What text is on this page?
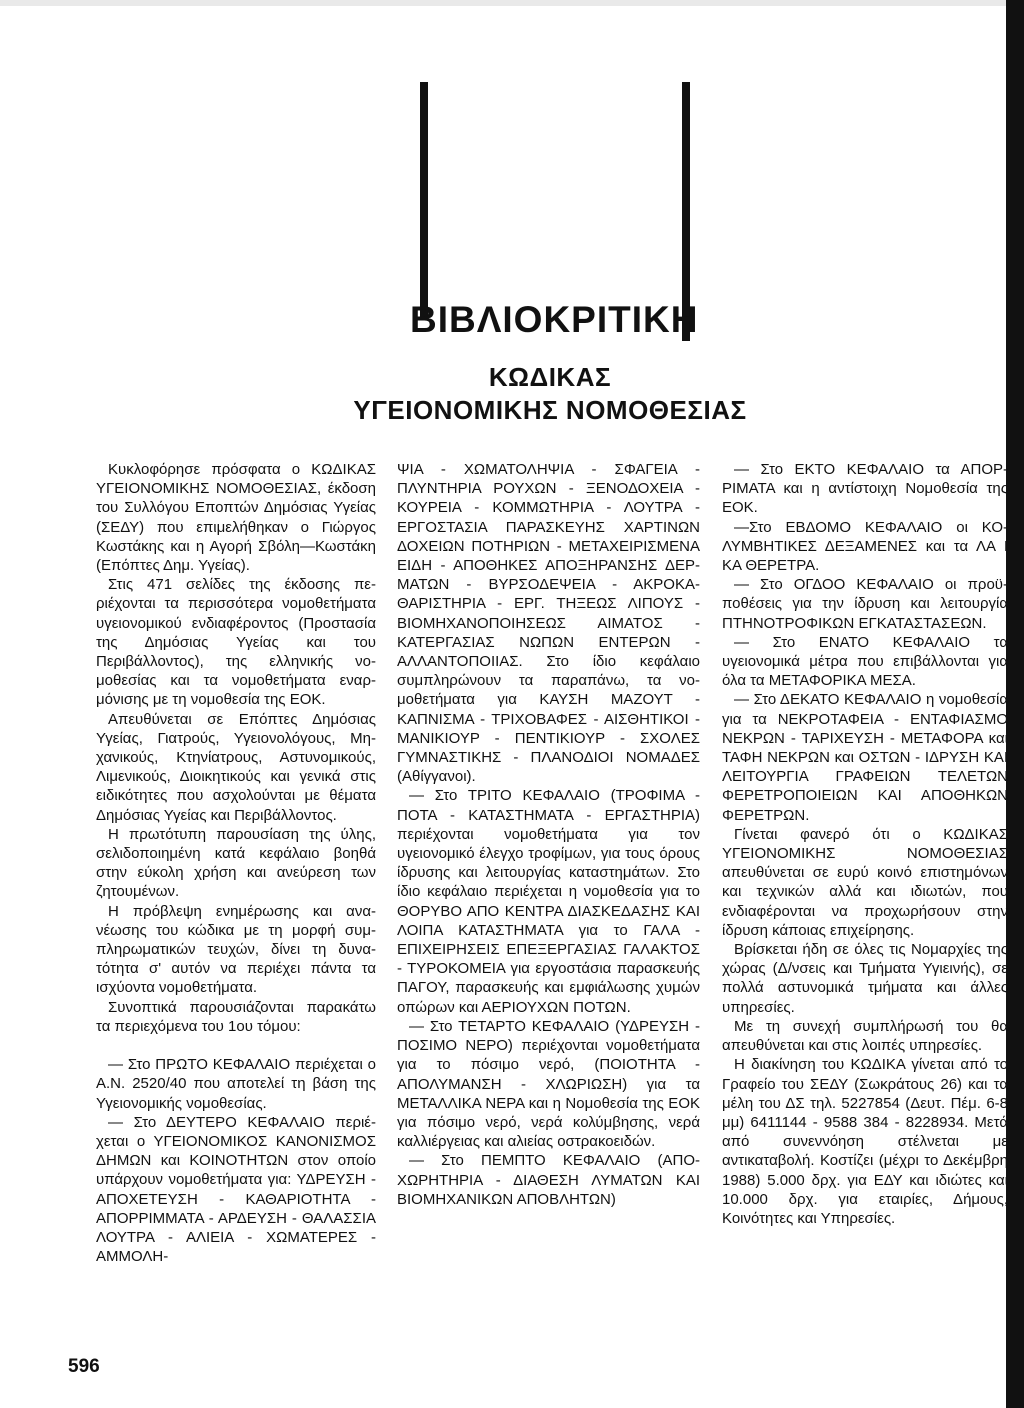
ΒΙΒΛΙΟΚΡΙΤΙΚΗ
ΚΩΔΙΚΑΣ
ΥΓΕΙΟΝΟΜΙΚΗΣ ΝΟΜΟΘΕΣΙΑΣ

Κυκλοφόρησε πρόσφατα ο ΚΩΔΙΚΑΣ ΥΓΕΙΟΝΟΜΙΚΗΣ ΝΟΜΟΘΕΣΙΑΣ, έκδοση του Συλλόγου Εποπτών Δημόσιας Υγείας (ΣΕΔΥ) που επιμελήθηκαν ο Γιώργος Κωστάκης και η Αγορή Σβόλη—Κωστάκη (Επόπτες Δημ. Υγείας).

Στις 471 σελίδες της έκδοσης περιέχονται τα περισσότερα νομοθετήματα υγειονομικού ενδιαφέροντος (Προστασία της Δημόσιας Υγείας και του Περιβάλλοντος), της ελληνικής νομοθεσίας και τα νομοθετήματα εναρμόνισης με τη νομοθεσία της ΕΟΚ.

Απευθύνεται σε Επόπτες Δημόσιας Υγείας, Γιατρούς, Υγειονολόγους, Μηχανικούς, Κτηνίατρους, Αστυνομικούς, Λιμενικούς, Διοικητικούς και γενικά στις ειδικότητες που ασχολούνται με θέματα Δημόσιας Υγείας και Περιβάλλοντος.

Η πρωτότυπη παρουσίαση της ύλης, σελιδοποιημένη κατά κεφάλαιο βοηθά στην εύκολη χρήση και ανεύρεση των ζητουμένων.

Η πρόβλεψη ενημέρωσης και ανανέωσης του κώδικα με τη μορφή συμπληρωματικών τευχών, δίνει τη δυνατότητα σ' αυτόν να περιέχει πάντα τα ισχύοντα νομοθετήματα.

Συνοπτικά παρουσιάζονται παρακάτω τα περιεχόμενα του 1ου τόμου:

— Στο ΠΡΩΤΟ ΚΕΦΑΛΑΙΟ περιέχεται ο Α.Ν. 2520/40 που αποτελεί τη βάση της Υγειονομικής νομοθεσίας.

— Στο ΔΕΥΤΕΡΟ ΚΕΦΑΛΑΙΟ περιέχεται ο ΥΓΕΙΟΝΟΜΙΚΟΣ ΚΑΝΟΝΙΣΜΟΣ ΔΗΜΩΝ και ΚΟΙΝΟΤΗΤΩΝ στον οποίο υπάρχουν νομοθετήματα για: ΥΔΡΕΥΣΗ - ΑΠΟΧΕΤΕΥΣΗ - ΚΑΘΑΡΙΟΤΗΤΑ - ΑΠΟΡΡΙΜΜΑΤΑ - ΑΡΔΕΥΣΗ - ΘΑΛΑΣΣΙΑ ΛΟΥΤΡΑ - ΑΛΙΕΙΑ - ΧΩΜΑΤΕΡΕΣ - ΑΜΜΟΛΗ-

ΨΙΑ - ΧΩΜΑΤΟΛΗΨΙΑ - ΣΦΑΓΕΙΑ - ΠΛΥΝΤΗΡΙΑ ΡΟΥΧΩΝ - ΞΕΝΟΔΟΧΕΙΑ - ΚΟΥΡΕΙΑ - ΚΟΜΜΩΤΗΡΙΑ - ΛΟΥΤΡΑ - ΕΡΓΟΣΤΑΣΙΑ ΠΑΡΑΣΚΕΥΗΣ ΧΑΡΤΙΝΩΝ ΔΟΧΕΙΩΝ ΠΟΤΗΡΙΩΝ - ΜΕΤΑΧΕΙΡΙΣΜΕΝΑ ΕΙΔΗ - ΑΠΟΘΗΚΕΣ ΑΠΟΞΗΡΑΝΣΗΣ ΔΕΡΜΑΤΩΝ - ΒΥΡΣΟΔΕΨΕΙΑ - ΑΚΡΟΚΑΘΑΡΙΣΤΗΡΙΑ - ΕΡΓ. ΤΗΞΕΩΣ ΛΙΠΟΥΣ - ΒΙΟΜΗΧΑΝΟΠΟΙΗΣΕΩΣ ΑΙΜΑΤΟΣ - ΚΑΤΕΡΓΑΣΙΑΣ ΝΩΠΩΝ ΕΝΤΕΡΩΝ - ΑΛΛΑΝΤΟΠΟΙΙΑΣ. Στο ίδιο κεφάλαιο συμπληρώνουν τα παραπάνω, τα νομοθετήματα για ΚΑΥΣΗ ΜΑΖΟΥΤ - ΚΑΠΝΙΣΜΑ - ΤΡΙΧΟΒΑΦΕΣ - ΑΙΣΘΗΤΙΚΟΙ - ΜΑΝΙΚΙΟΥΡ - ΠΕΝΤΙΚΙΟΥΡ - ΣΧΟΛΕΣ ΓΥΜΝΑΣΤΙΚΗΣ - ΠΛΑΝΟΔΙΟΙ ΝΟΜΑΔΕΣ (Αθίγγανοι).

— Στο ΤΡΙΤΟ ΚΕΦΑΛΑΙΟ (ΤΡΟΦΙΜΑ - ΠΟΤΑ - ΚΑΤΑΣΤΗΜΑΤΑ - ΕΡΓΑΣΤΗΡΙΑ) περιέχονται νομοθετήματα για τον υγειονομικό έλεγχο τροφίμων, για τους όρους ίδρυσης και λειτουργίας καταστημάτων. Στο ίδιο κεφάλαιο περιέχεται η νομοθεσία για το ΘΟΡΥΒΟ ΑΠΟ ΚΕΝΤΡΑ ΔΙΑΣΚΕΔΑΣΗΣ ΚΑΙ ΛΟΙΠΑ ΚΑΤΑΣΤΗΜΑΤΑ για το ΓΑΛΑ - ΕΠΙΧΕΙΡΗΣΕΙΣ ΕΠΕΞΕΡΓΑΣΙΑΣ ΓΑΛΑΚΤΟΣ - ΤΥΡΟΚΟΜΕΙΑ για εργοστάσια παρασκευής ΠΑΓΟΥ, παρασκευής και εμφιάλωσης χυμών οπώρων και ΑΕΡΙΟΥΧΩΝ ΠΟΤΩΝ.

— Στο ΤΕΤΑΡΤΟ ΚΕΦΑΛΑΙΟ (ΥΔΡΕΥΣΗ - ΠΟΣΙΜΟ ΝΕΡΟ) περιέχονται νομοθετήματα για το πόσιμο νερό, (ΠΟΙΟΤΗΤΑ - ΑΠΟΛΥΜΑΝΣΗ - ΧΛΩΡΙΩΣΗ) για τα ΜΕΤΑΛΛΙΚΑ ΝΕΡΑ και η Νομοθεσία της ΕΟΚ για πόσιμο νερό, νερά κολύμβησης, νερά καλλιέργειας και αλιείας οστρακοειδών.

— Στο ΠΕΜΠΤΟ ΚΕΦΑΛΑΙΟ (ΑΠΟΧΩΡΗΤΗΡΙΑ - ΔΙΑΘΕΣΗ ΛΥΜΑΤΩΝ ΚΑΙ ΒΙΟΜΗΧΑΝΙΚΩΝ ΑΠΟΒΛΗΤΩΝ)

— Στο ΕΚΤΟ ΚΕΦΑΛΑΙΟ τα ΑΠΟΡΡΙΜΑΤΑ και η αντίστοιχη Νομοθεσία της ΕΟΚ.

—Στο ΕΒΔΟΜΟ ΚΕΦΑΛΑΙΟ οι ΚΟΛΥΜΒΗΤΙΚΕΣ ΔΕΞΑΜΕΝΕΣ και τα ΛΑ Ι ΚΑ ΘΕΡΕΤΡΑ.

— Στο ΟΓΔΟΟ ΚΕΦΑΛΑΙΟ οι προϋποθέσεις για την ίδρυση και λειτουργία ΠΤΗΝΟΤΡΟΦΙΚΩΝ ΕΓΚΑΤΑΣΤΑΣΕΩΝ.

— Στο ΕΝΑΤΟ ΚΕΦΑΛΑΙΟ τα υγειονομικά μέτρα που επιβάλλονται για όλα τα ΜΕΤΑΦΟΡΙΚΑ ΜΕΣΑ.

— Στο ΔΕΚΑΤΟ ΚΕΦΑΛΑΙΟ η νομοθεσία για τα ΝΕΚΡΟΤΑΦΕΙΑ - ΕΝΤΑΦΙΑΣΜΟ ΝΕΚΡΩΝ - ΤΑΡΙΧΕΥΣΗ - ΜΕΤΑΦΟΡΑ και ΤΑΦΗ ΝΕΚΡΩΝ και ΟΣΤΩΝ - ΙΔΡΥΣΗ ΚΑΙ ΛΕΙΤΟΥΡΓΙΑ ΓΡΑΦΕΙΩΝ ΤΕΛΕΤΩΝ ΦΕΡΕΤΡΟΠΟΙΕΙΩΝ ΚΑΙ ΑΠΟΘΗΚΩΝ ΦΕΡΕΤΡΩΝ.

Γίνεται φανερό ότι ο ΚΩΔΙΚΑΣ ΥΓΕΙΟΝΟΜΙΚΗΣ ΝΟΜΟΘΕΣΙΑΣ απευθύνεται σε ευρύ κοινό επιστημόνων και τεχνικών αλλά και ιδιωτών, που ενδιαφέρονται να προχωρήσουν στην ίδρυση κάποιας επιχείρησης.

Βρίσκεται ήδη σε όλες τις Νομαρχίες της χώρας (Δ/νσεις και Τμήματα Υγιεινής), σε πολλά αστυνομικά τμήματα και άλλες υπηρεσίες.

Με τη συνεχή συμπλήρωσή του θα απευθύνεται και στις λοιπές υπηρεσίες.

Η διακίνηση του ΚΩΔΙΚΑ γίνεται από το Γραφείο του ΣΕΔΥ (Σωκράτους 26) και τα μέλη του ΔΣ τηλ. 5227854 (Δευτ. Πέμ. 6-8 μμ) 6411144 - 9588 384 - 8228934. Μετά από συνεννόηση στέλνεται με αντικαταβολή. Κοστίζει (μέχρι το Δεκέμβρη 1988) 5.000 δρχ. για ΕΔΥ και ιδιώτες και 10.000 δρχ. για εταιρίες, Δήμους, Κοινότητες και Υπηρεσίες.

596
